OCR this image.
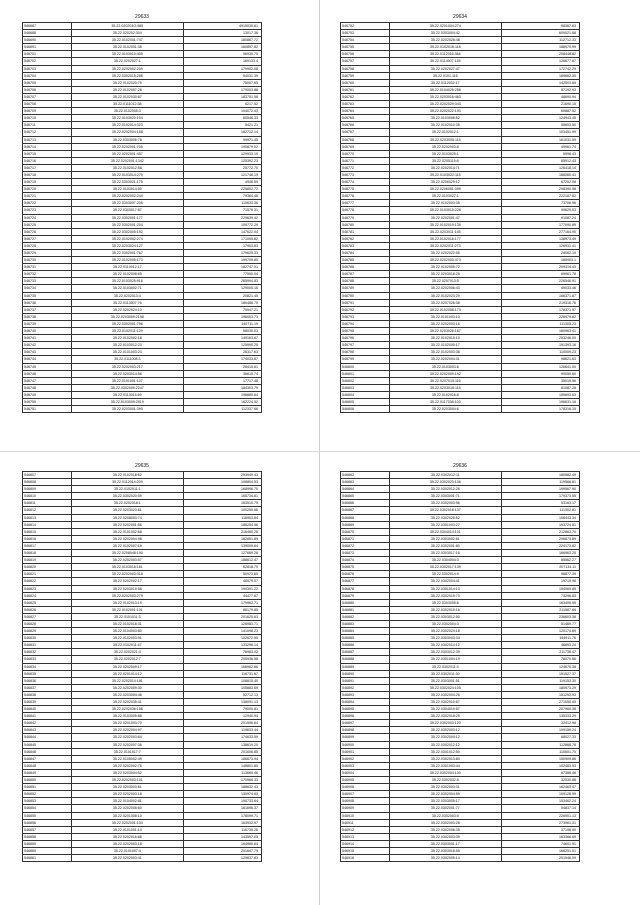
29633
546687	35.22.020203:2:985	4915030.61
546688	35.22.020202:304	13017.36
546690	35.22.0102001:747	180867.72
546691	35.22.0102001:36	160897.82
546701	35.22.0103010:405	96930.75
546702	35.22.0202027:1	169133.4
546703	35.22.0202002:209	179902.08
546704	35.22.0302015:286	94031.39
546705	35.22.0102020:79	75007.65
546706	35.22.0102057:26	179003.88
546707	35.22.0102030:87	183751.58
546708	35.22.0111012:38	6217.52
546709	35.22.0102005:3	104072.43
546710	35.22.0103020:104	60546.33
546711	35.22.0102014:323	5421.21
546712	35.22.0202004:168	182712.14
546713	35.22.0303006:78	99971.45
546714	35.22.0202001:705	190879.02
546715	35.22.0202001:457	129933.19
546716	35.22.0202001:1342	125392.23
546717	35.22.0102012:58	25772.70
546718	35.22.0103014:279	121746.19
546719	35.22.0303021:175	4946.59
546720	35.22.0103014:50	225802.72
546721	35.22.0202002:244	79364.46
546722	35.22.0303007:205	110633.36
546723	35.22.0303017:87	71576.31
546724	35.22.0302001:177	229639.42
546725	35.22.0302001:204	109772.29
546726	35.22.0302005:192	147622.04
546727	35.22.0102002:274	171005.82
546728	35.22.0203024:127	17953.83
546729	35.22.0302001:767	179625.33
546730	35.22.0102005:173	199709.80
546731	35.22.0110012:17	182747.01
546732	35.22.0102008:65	77500.04
546733	35.22.0103025:916	265994.83
546734	35.22.0103002:71	129005.16
546735	35.22.0202013:4	20821.45
546736	35.22.0113007:76	180486.70
546737	35.22.0202024:10	79947.21
546738	35.22.0203009:2198	196003.73
546739	35.22.0302001:796	140711.19
546740	35.22.0102011:129	58030.03
546741	35.22.0102002:18	149163.67
546742	35.22.0103012:23	125990.25
546743	35.22.0101003:23	26317.63
546744	35.22.0111008:3	174033.87
546745	35.22.0202003:217	26415.61
546746	35.22.0203014:58	36610.74
546747	35.22.0101001:107	17717.48
546748	35.22.0302009:2247	184303.79
546749	35.22.0113014:69	196880.64
546750	35.22.0103009:2519	162224.52
546751	35.22.0203001:390	112337.66
29634
546752	35.22.0201004:274	98367.63
546753	35.22.0303004:42	609021.68
546754	35.22.0202028:48	112712.33
546755	35.22.0102016:118	188970.99
546756	35.22.0112016:364	208448.82
546757	35.22.0114007:145	126677.87
546758	35.22.0202027:47	172742.29
546759	35.22.0101.116	169662.35
546760	35.22.0112032:17	142503.65
546761	35.22.0104025:258	87192.93
546762	35.22.0203016:463	48690.94
546763	35.22.0202029:343	21690.15
546764	35.22.0202022:193	60887.52
546765	35.22.0103008:52	124943.45
546766	35.22.0102010:35	55653.50
546767	35.22.0102012:1	103451.99
546768	35.22.0203005:115	161031.59
546769	35.22.0202003:8	49961.74
546770	35.22.0103025:1	5998.43
546771	35.22.0205115:8	85912.43
546772	35.22.0202014:71	126418.14
546773	35.22.0103022:115	166060.41
546774	35.22.0206029:12	67202.08
546775	35.22.0206051:399	298390.98
546776	35.22.0103027:1	222187.82
546777	35.22.0102003:35	73706.96
546778	35.22.0103015:228	99629.03
546779	35.22.0202001:47	91087.24
546780	35.22.0102019:139	177090.89
546781	35.22.0203011:145	277164.90
546782	35.22.0102016:177	138973.49
546783	35.22.0202011:273	126931.41
546784	35.22.0202022:95	28062.10
546785	35.22.0202003:473	185903.1
546786	35.22.0102005:72	209314.43
546787	35.22.0203018:25	69961.78
546788	35.22.0207013:5	226546.91
546789	35.22.0202006:43	49033.46
546790	35.22.0102023:29	166371.87
546791	35.22.0207026:38	219316.76
546792	35.22.0102008:173	178371.97
546793	35.22.0101003:10	228979.82
546794	35.22.0202003:16	111305.23
546795	35.22.0203026:167	160963.41
546796	35.22.0102015:10	203246.00
546797	35.22.0102005:17	191393.16
546798	35.22.0102003:38	110009.23
546799	35.22.0202004:31	98621.63
546800	35.22.0103003:6	126641.00
546801	35.22.0202009:192	99059.60
546802	35.22.0207015:116	35019.56
546803	35.22.0203016:115	81087.28
546804	35.22.0102016:8	159693.63
546805	35.22.0117038:103	196631.16
546806	35.22.0203004:6	178316.15
29635
546807	35.22.0102018:62	293949.43
546808	35.22.0112014:209	108804.53
546809	35.22.0102011:1	168996.70
546810	35.22.0302020:59	165734.81
546811	35.22.0202018:1	163510.79
546812	35.22.0203023:61	100250.66
546813	35.22.0208003:74	116953.84
546814	35.22.0202001:56	186254.56
546815	35.22.0101002:68	216480.26
546816	35.22.0202004:98	182851.89
546817	35.22.0102007:19	139009.64
546818	35.22.0208048:190	127689.28
546819	35.22.0202003:57	188612.47
546820	35.22.0103016:161	62818.79
546821	35.22.0202003:318	50973.65
546822	35.22.0202002:17	46979.07
546823	35.22.0203019:56	190391.22
546824	35.22.0202003:279	44477.87
546825	35.22.0102013:19	179962.71
546826	35.22.0102001:101	86179.85
546827	35.22.0101011:3	201625.63
546828	35.22.0102018:31	126983.71
546829	35.22.0104003:80	141098.23
546830	35.22.0102003:91	102672.95
546831	35.22.0102011:47	133296.14
546832	35.22.0202021:4	76983.02
546833	35.22.0202012:7	200936.58
546834	35.22.0202009:17	166962.86
546835	35.22.0201014:12	116731.67
546836	35.22.0202014:181	108815.40
546837	35.22.0202009:30	105883.69
546838	35.22.0203004:46	52712.13
546839	35.22.0202035:41	138091.13
546840	35.22.0202036:158	79000.81
546841	35.22.0103005:88	12940.94
546842	35.22.0201003:70	201596.64
546843	35.22.0202004:97	119633.44
546844	35.22.0202003:64	174633.59
546845	35.22.0202007:36	138619.20
546846	35.22.0101017:7	201606.85
546847	35.22.0105002:49	186673.94
546848	35.22.0202002:76	148801.85
546849	35.22.0203004:52	113660.46
546850	35.22.0202003:101	170966.33
546851	35.22.0203003:61	188632.43
546852	35.22.0202003:18	130974.63
546853	35.22.0104002:81	190733.64
546854	35.22.0202008:60	161696.37
546855	35.22.0201008:10	178099.71
546856	35.22.0202001:104	163932.97
546857	35.22.0101001:14	116735.26
546858	35.22.0202016:68	143597.05
546859	35.22.0202003:18	164980.64
546860	35.22.0101007:4	201647.79
546861	35.22.0202003:41	129637.83
29636
546862	35.22.0302012:11	180582.49
546863	35.22.0302023:136	119566.81
546864	35.22.0302012:28	199567.90
546865	35.22.0303001:71	179373.55
546866	35.22.0302003:96	53163.17
546867	35.22.0302018:137	111302.81
546868	35.22.0302026:52	106443.34
546869	35.22.0301003:27	193724.81
546870	35.22.0304014:101	212863.70
546871	35.22.0303002:81	206873.89
546872	35.22.0302001:80	224173.82
546873	35.22.0303017:16	166963.25
546874	35.22.0304004:3	85562.27
546875	35.22.0302017:139	207134.11
546876	35.22.0302014:9	98877.39
546877	35.22.0302004:41	19719.98
546878	35.22.0301014:13	154069.89
546879	35.22.0302019:73	73296.83
546880	35.22.0303005:6	163406.95
546881	35.22.0302015:16	211587.66
546882	35.22.0303012:50	236603.38
546883	35.22.0302004:3	51469.77
546884	35.22.0302024:18	120174.89
546885	35.22.0303003:34	154911.76
546886	35.22.0302014:12	46893.24
546887	35.22.0303012:39	211738.47
546888	35.22.0301004:19	78070.86
546889	35.22.0302011:3	124670.38
546890	35.22.0302011:30	151527.37
546891	35.22.0303001:51	119153.30
546892	35.22.0302024:105	180973.29
546893	35.22.0302004:26	151292.93
546894	35.22.0302010:67	271050.45
546895	35.22.0304019:57	207960.38
546896	35.22.0302018:25	135333.29
546897	35.22.0302003:120	32412.98
546898	35.22.0302003:12	109159.24
546899	35.22.0302004:12	68027.33
546900	35.22.0302012:12	112868.78
546901	35.22.0301012:50	110601.70
546902	35.22.0302013:80	150909.86
546903	35.22.0301003:44	102483.93
546904	35.22.0302004:100	67386.46
546905	35.22.0302032:5	32530.66
546906	35.22.0302003:31	162463.47
546907	35.22.0302004:59	109128.99
546908	35.22.0303005:17	153462.24
546909	35.22.0302001:77	54837.14
546910	35.22.0302003:5	226901.13
546911	35.22.0302003:28	273961.31
546912	35.22.0302006:35	37196.40
546913	35.22.0302003:39	163366.69
546914	35.22.0303001:17	74601.91
546915	35.22.0303016:55	168251.01
546916	35.22.0302005:14	201946.09
